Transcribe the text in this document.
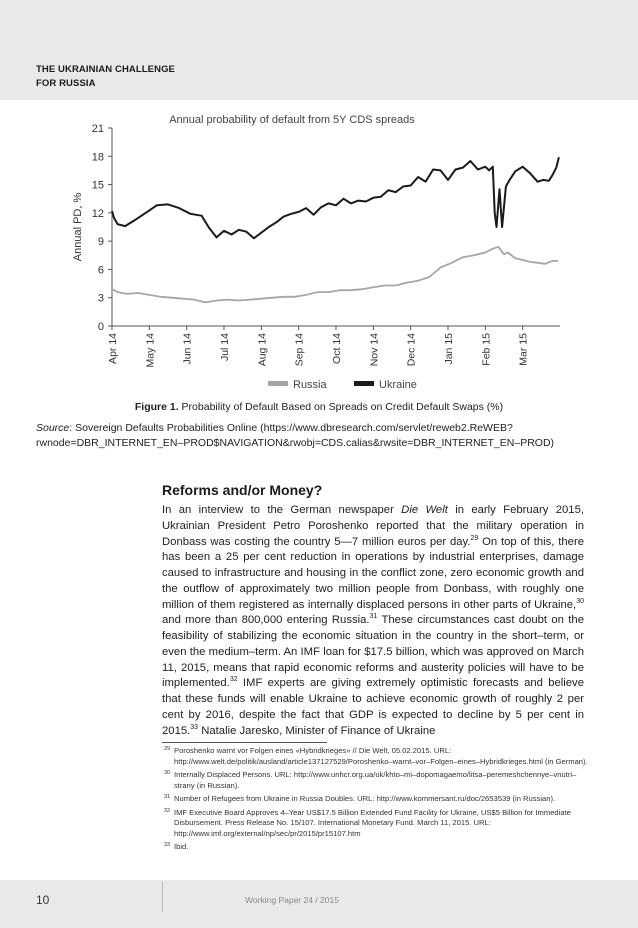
THE UKRAINIAN CHALLENGE
FOR RUSSIA
Annual probability of default from 5Y CDS spreads
Annual PD, %
0
3
6
9
12
15
18
21
Apr 14 May 14 Jun 14 Jul 14 Aug 14 Sep 14 Oct 14 Nov 14 Dec 14 Jan 15 Feb 15 Mar 15
Russia	Ukraine
Figure 1. Probability of Default Based on Spreads on Credit Default Swaps (%)
Source: Sovereign Defaults Probabilities Online (https://www.dbresearch.com/servlet/reweb2.ReWEB?rwnode=DBR_INTERNET_EN–PROD$NAVIGATION&rwobj=CDS.calias&rwsite=DBR_INTERNET_EN–PROD)
Reforms and/or Money?
In an interview to the German newspaper Die Welt in early February 2015, Ukrainian President Petro Poroshenko reported that the military operation in Donbass was costing the country 5—7 million euros per day.$^{29}$ On top of this, there has been a 25 per cent reduction in operations by industrial enterprises, damage caused to infrastructure and housing in the conflict zone, zero economic growth and the outflow of approximately two million people from Donbass, with roughly one million of them registered as internally displaced persons in other parts of Ukraine,$^{30}$ and more than 800,000 entering Russia.$^{31}$ These circumstances cast doubt on the feasibility of stabilizing the economic situation in the country in the short–term, or even the medium–term. An IMF loan for $17.5 billion, which was approved on March 11, 2015, means that rapid economic reforms and austerity policies will have to be implemented.$^{32}$ IMF experts are giving extremely optimistic forecasts and believe that these funds will enable Ukraine to achieve economic growth of roughly 2 per cent by 2016, despite the fact that GDP is expected to decline by 5 per cent in 2015.33 Natalie Jaresko, Minister of Finance of Ukraine
29 Poroshenko warnt vor Folgen eines «Hybridkrieges» // Die Welt, 05.02.2015. URL: http://www.welt.de/politik/ausland/article137127529/Poroshenko–warnt–vor–Folgen–eines–Hybridkrieges.html (in German).
30 Internally Displaced Persons. URL: http://www.unhcr.org.ua/uk/khto–mi–dopomagaemo/litsa–peremeshchennye–vnutri–strany (in Russian).
31 Number of Refugees from Ukraine in Russia Doubles. URL: http://www.kommersant.ru/doc/2653539 (in Russian).
32 IMF Executive Board Approves 4–Year US$17.5 Billion Extended Fund Facility for Ukraine, US$5 Billion for Immediate Disbursement. Press Release No. 15/107. International Monetary Fund. March 11, 2015. URL: http://www.imf.org/external/np/sec/pr/2015/pr15107.htm
33 Ibid.
10	Working Paper 24 / 2015
